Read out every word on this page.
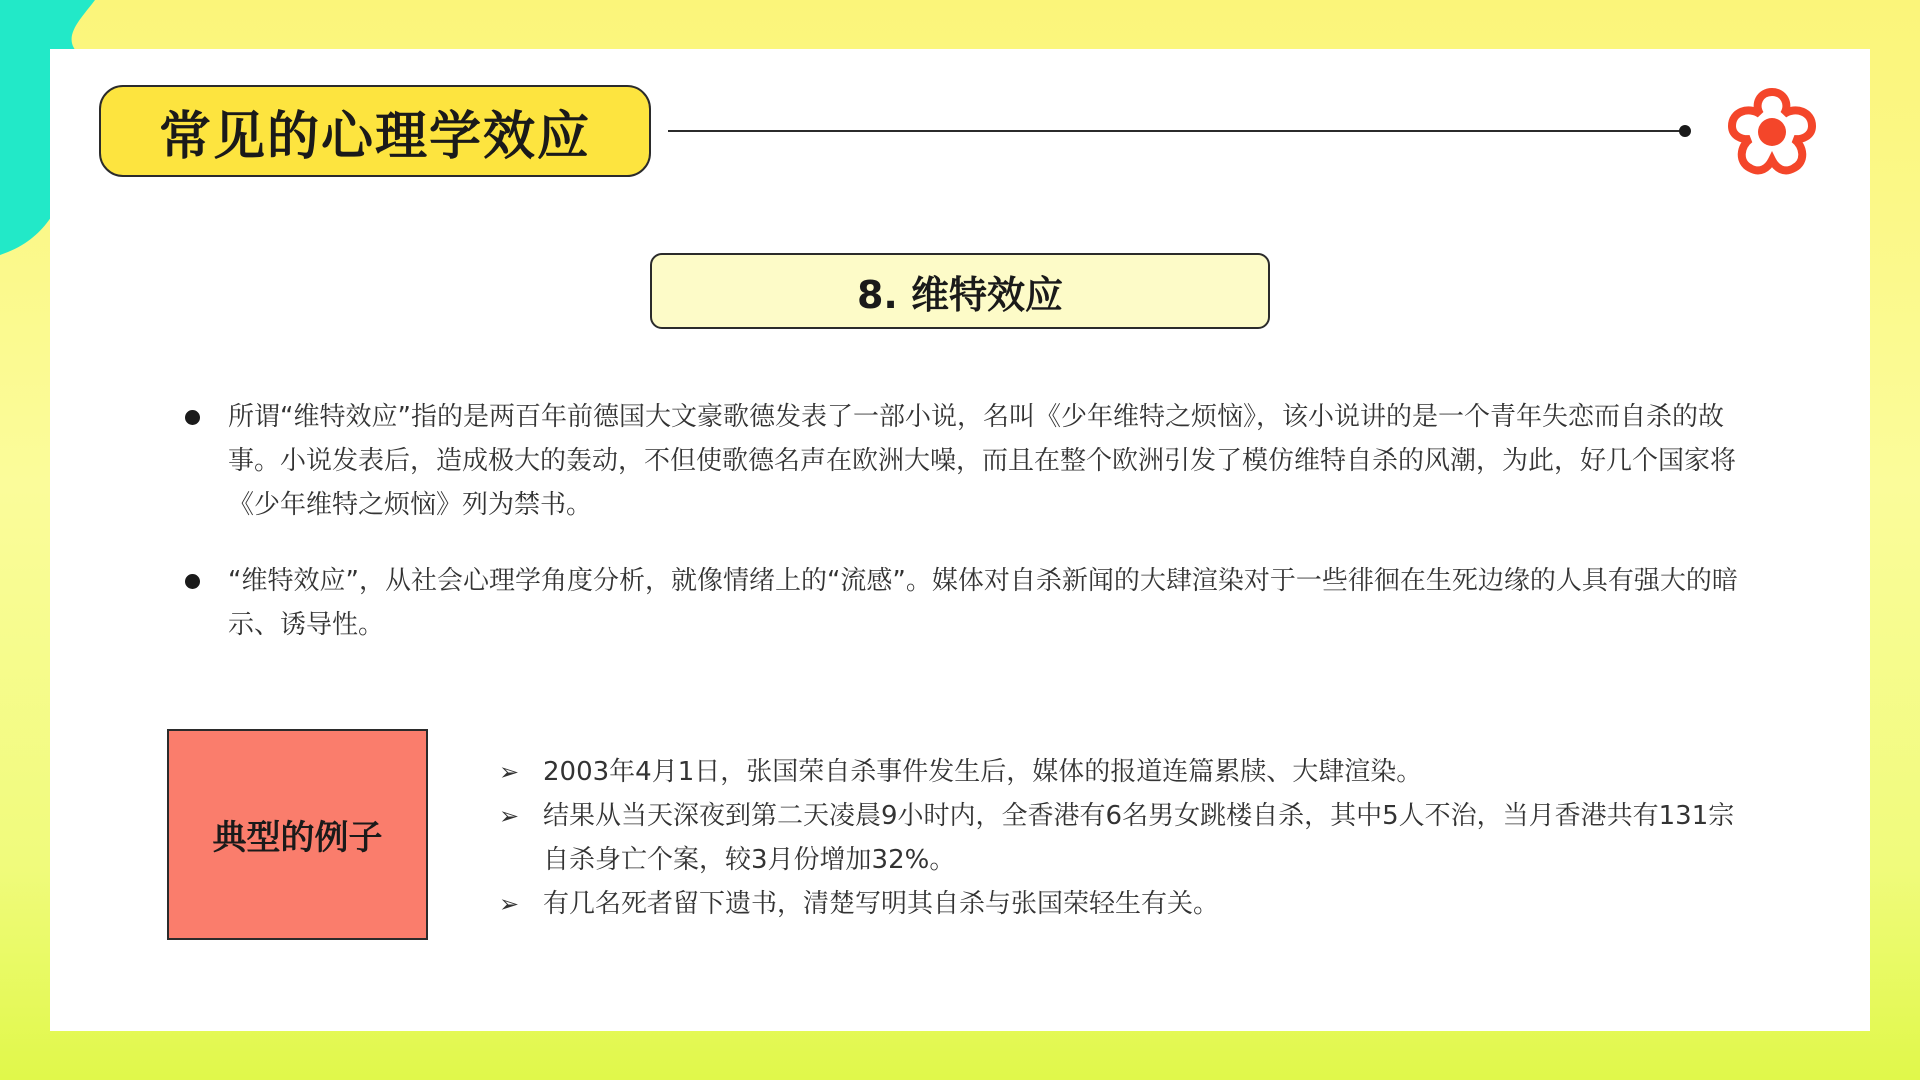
常见的心理学效应
8. 维特效应
所谓“维特效应”指的是两百年前德国大文豪歌德发表了一部小说，名叫《少年维特之烦恼》，该小说讲的是一个青年失恋而自杀的故事。小说发表后，造成极大的轰动，不但使歌德名声在欧洲大噪，而且在整个欧洲引发了模仿维特自杀的风潮，为此，好几个国家将《少年维特之烦恼》列为禁书。
“维特效应”，从社会心理学角度分析，就像情绪上的“流感”。媒体对自杀新闻的大肆渲染对于一些徘徊在生死边缘的人具有强大的暗示、诱导性。
典型的例子
➢ 2003年4月1日，张国荣自杀事件发生后，媒体的报道连篇累牍、大肆渲染。
➢ 结果从当天深夜到第二天凌晨9小时内，全香港有6名男女跳楼自杀，其中5人不治，当月香港共有131宗自杀身亡个案，较3月份增加32%。
➢ 有几名死者留下遗书，清楚写明其自杀与张国荣轻生有关。
